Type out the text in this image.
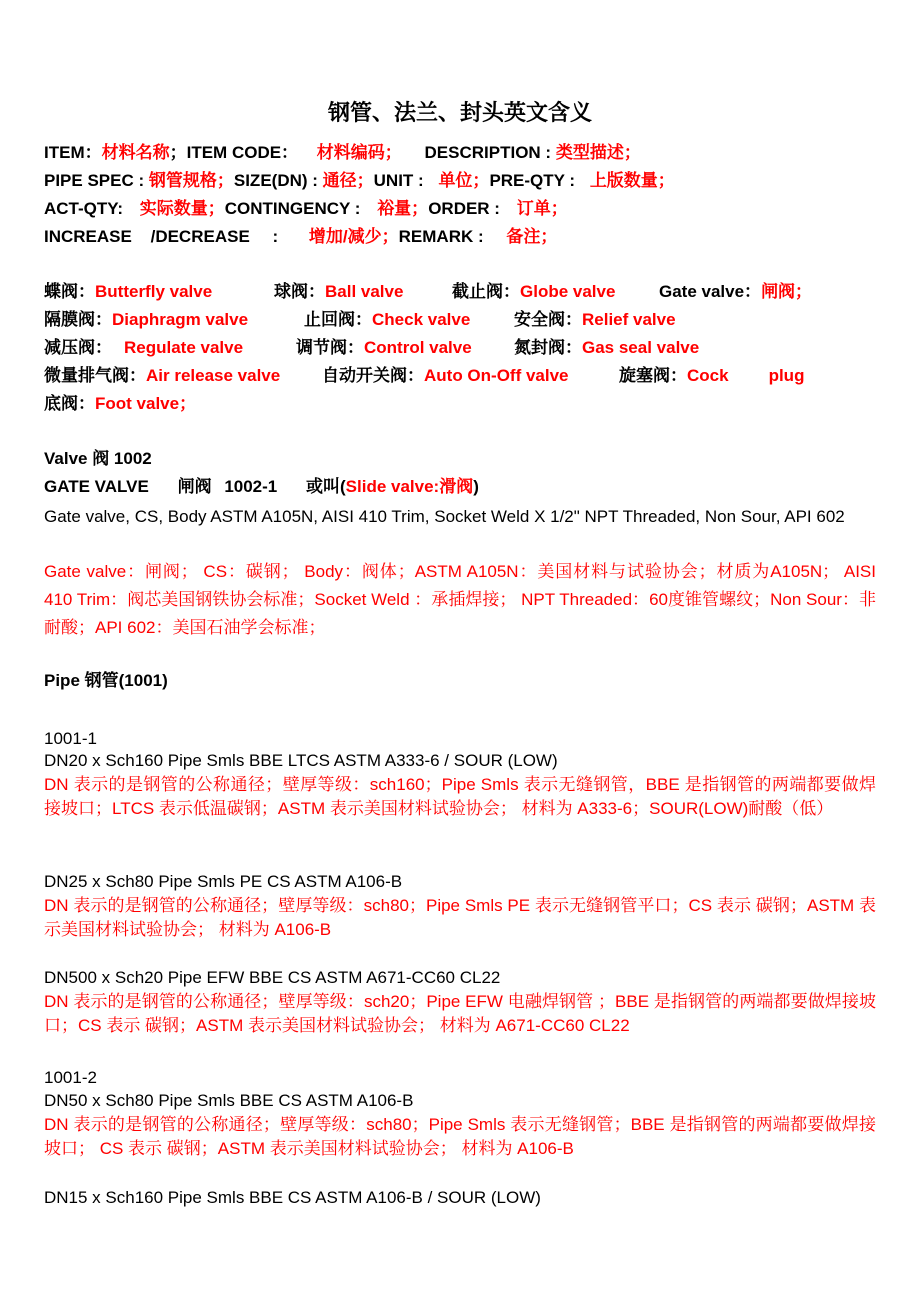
钢管、法兰、封头英文含义
ITEM：材料名称；ITEM CODE： 材料编码； DESCRIPTION : 类型描述；
PIPE SPEC : 钢管规格；SIZE(DN) : 通径；UNIT : 单位；PRE-QTY : 上版数量；
ACT-QTY: 实际数量；CONTINGENCY : 裕量；ORDER : 订单；
INCREASE /DECREASE : 增加/减少；REMARK : 备注；
蝶阀：Butterfly valve	球阀：Ball valve	截止阀：Globe valve	Gate valve：闸阀；
隔膜阀：Diaphragm valve	止回阀：Check valve	安全阀：Relief valve
减压阀： Regulate valve	调节阀：Control valve 氮封阀：Gas seal valve
微量排气阀：Air release valve 自动开关阀：Auto On-Off valve	旋塞阀：Cock plug
底阀：Foot valve；
Valve 阀 1002
GATE VALVE 闸阀 1002-1 或叫(Slide valve:滑阀)
Gate valve, CS, Body ASTM A105N, AISI 410 Trim, Socket Weld X 1/2" NPT Threaded, Non Sour, API 602
Gate valve：闸阀； CS：碳钢； Body：阀体；ASTM A105N：美国材料与试验协会；材质为A105N； AISI 410 Trim：阀芯美国钢铁协会标准；Socket Weld ：承插焊接； NPT Threaded：60度锥管螺纹；Non Sour：非耐酸；API 602：美国石油学会标准；
Pipe 钢管(1001)
1001-1
DN20 x Sch160 Pipe Smls BBE LTCS ASTM A333-6 / SOUR (LOW)
DN 表示的是钢管的公称通径；壁厚等级：sch160；Pipe Smls 表示无缝钢管，BBE 是指钢管的两端都要做焊接坡口；LTCS 表示低温碳钢；ASTM 表示美国材料试验协会； 材料为 A333-6；SOUR(LOW)耐酸（低）
DN25 x Sch80 Pipe Smls PE CS ASTM A106-B
DN 表示的是钢管的公称通径；壁厚等级：sch80；Pipe Smls PE 表示无缝钢管平口；CS 表示 碳钢；ASTM 表示美国材料试验协会； 材料为 A106-B
DN500 x Sch20 Pipe EFW BBE CS ASTM A671-CC60 CL22
DN 表示的是钢管的公称通径；壁厚等级：sch20；Pipe EFW 电融焊钢管 ；BBE 是指钢管的两端都要做焊接坡口；CS 表示 碳钢；ASTM 表示美国材料试验协会； 材料为 A671-CC60 CL22
1001-2
DN50 x Sch80 Pipe Smls BBE CS ASTM A106-B
DN 表示的是钢管的公称通径；壁厚等级：sch80；Pipe Smls 表示无缝钢管；BBE 是指钢管的两端都要做焊接坡口； CS 表示 碳钢；ASTM 表示美国材料试验协会； 材料为 A106-B
DN15 x Sch160 Pipe Smls BBE CS ASTM A106-B / SOUR (LOW)
